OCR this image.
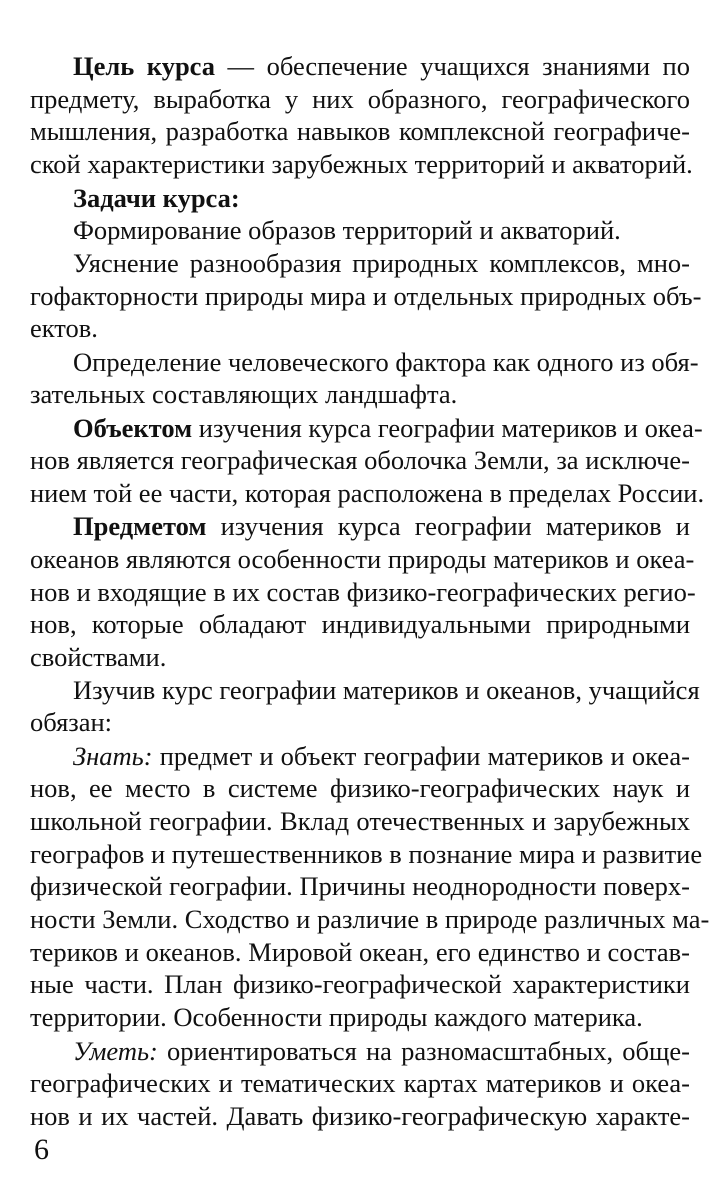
Цель курса — обеспечение учащихся знаниями по
предмету, выработка у них образного, географического
мышления, разработка навыков комплексной географиче-
ской характеристики зарубежных территорий и акваторий.
Задачи курса:
Формирование образов территорий и акваторий.
Уяснение разнообразия природных комплексов, мно-
гофакторности природы мира и отдельных природных объ-
ектов.
Определение человеческого фактора как одного из обя-
зательных составляющих ландшафта.
Объектом изучения курса географии материков и океа-
нов является географическая оболочка Земли, за исключе-
нием той ее части, которая расположена в пределах России.
Предметом изучения курса географии материков и
океанов являются особенности природы материков и океа-
нов и входящие в их состав физико-географических регио-
нов, которые обладают индивидуальными природными
свойствами.
Изучив курс географии материков и океанов, учащийся
обязан:
Знать: предмет и объект географии материков и океа-
нов, ее место в системе физико-географических наук и
школьной географии. Вклад отечественных и зарубежных
географов и путешественников в познание мира и развитие
физической географии. Причины неоднородности поверх-
ности Земли. Сходство и различие в природе различных ма-
териков и океанов. Мировой океан, его единство и состав-
ные части. План физико-географической характеристики
территории. Особенности природы каждого материка.
Уметь: ориентироваться на разномасштабных, обще-
географических и тематических картах материков и океа-
нов и их частей. Давать физико-географическую характе-
6
